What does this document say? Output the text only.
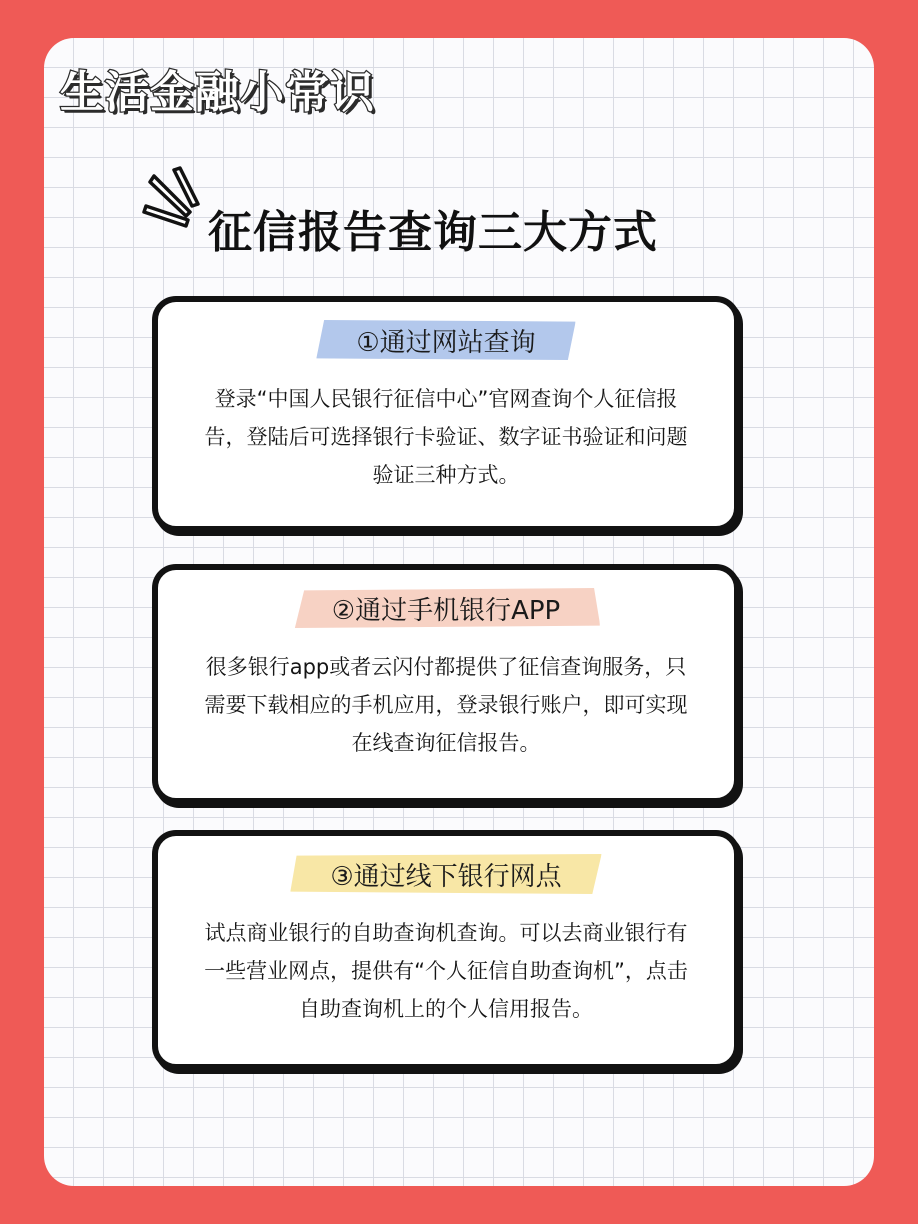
生活金融小常识
征信报告查询三大方式
①通过网站查询
登录“中国人民银行征信中心”官网查询个人征信报告，登陆后可选择银行卡验证、数字证书验证和问题验证三种方式。
②通过手机银行APP
很多银行app或者云闪付都提供了征信查询服务，只需要下载相应的手机应用，登录银行账户，即可实现在线查询征信报告。
③通过线下银行网点
试点商业银行的自助查询机查询。可以去商业银行有一些营业网点，提供有“个人征信自助查询机”，点击自助查询机上的个人信用报告。
